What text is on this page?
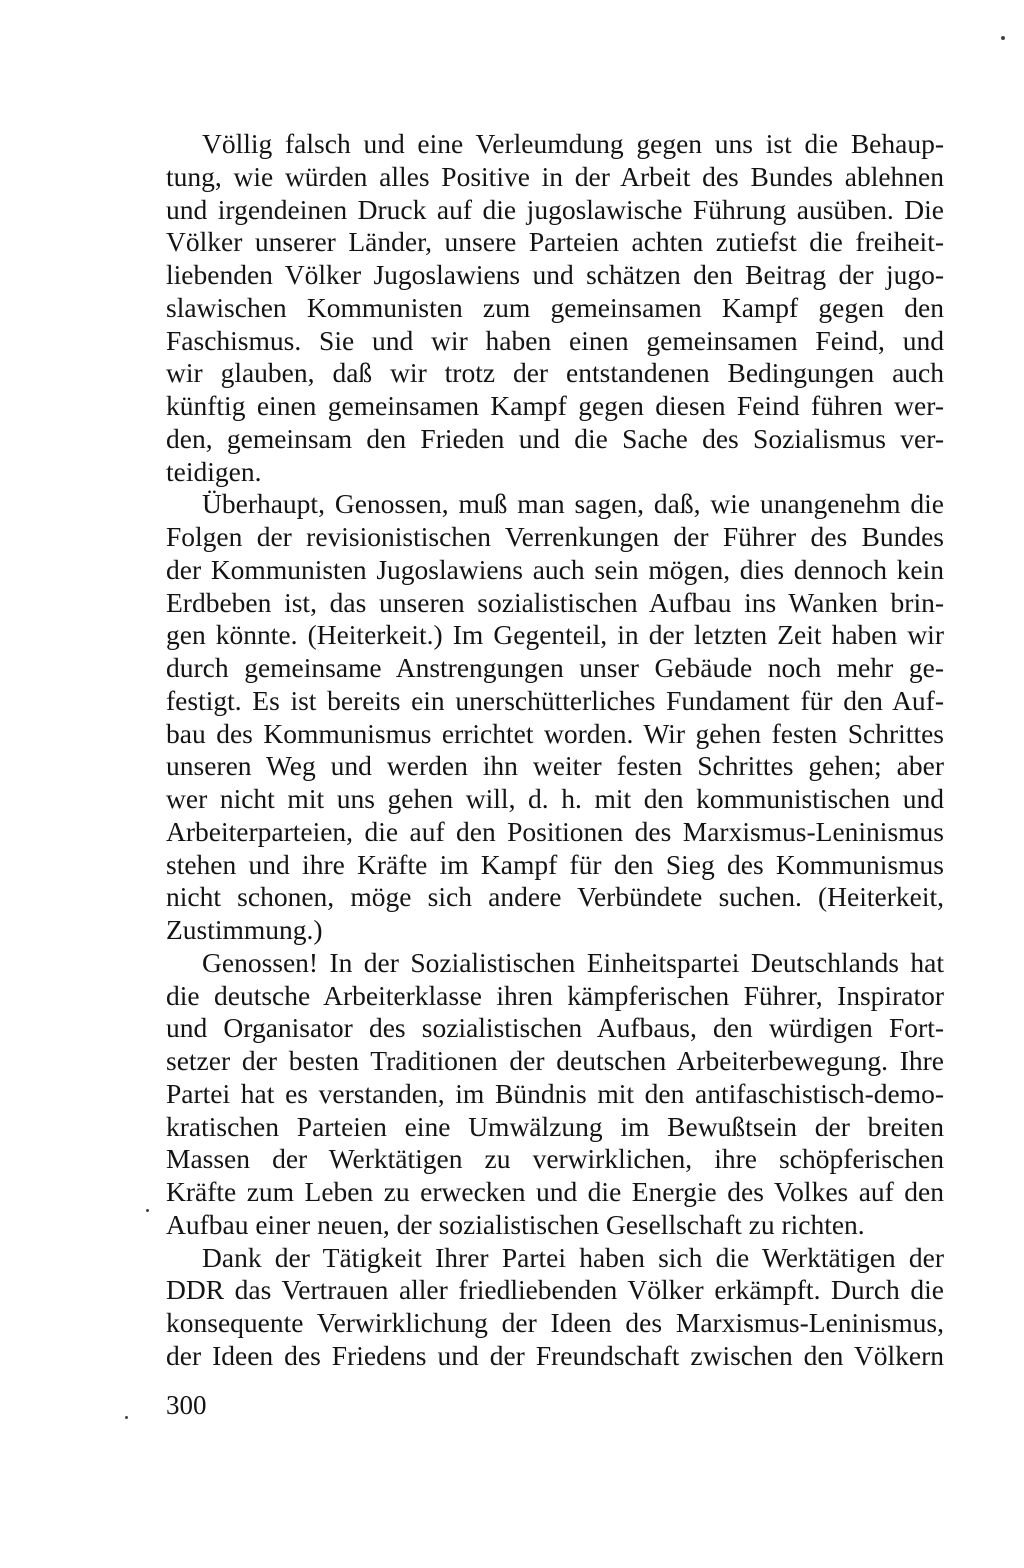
Völlig falsch und eine Verleumdung gegen uns ist die Behaup-
tung, wie würden alles Positive in der Arbeit des Bundes ablehnen
und irgendeinen Druck auf die jugoslawische Führung ausüben. Die
Völker unserer Länder, unsere Parteien achten zutiefst die freiheit-
liebenden Völker Jugoslawiens und schätzen den Beitrag der jugo-
slawischen Kommunisten zum gemeinsamen Kampf gegen den
Faschismus. Sie und wir haben einen gemeinsamen Feind, und
wir glauben, daß wir trotz der entstandenen Bedingungen auch
künftig einen gemeinsamen Kampf gegen diesen Feind führen wer-
den, gemeinsam den Frieden und die Sache des Sozialismus ver-
teidigen.
Überhaupt, Genossen, muß man sagen, daß, wie unangenehm die
Folgen der revisionistischen Verrenkungen der Führer des Bundes
der Kommunisten Jugoslawiens auch sein mögen, dies dennoch kein
Erdbeben ist, das unseren sozialistischen Aufbau ins Wanken brin-
gen könnte. (Heiterkeit.) Im Gegenteil, in der letzten Zeit haben wir
durch gemeinsame Anstrengungen unser Gebäude noch mehr ge-
festigt. Es ist bereits ein unerschütterliches Fundament für den Auf-
bau des Kommunismus errichtet worden. Wir gehen festen Schrittes
unseren Weg und werden ihn weiter festen Schrittes gehen; aber
wer nicht mit uns gehen will, d. h. mit den kommunistischen und
Arbeiterparteien, die auf den Positionen des Marxismus-Leninismus
stehen und ihre Kräfte im Kampf für den Sieg des Kommunismus
nicht schonen, möge sich andere Verbündete suchen. (Heiterkeit,
Zustimmung.)
Genossen! In der Sozialistischen Einheitspartei Deutschlands hat
die deutsche Arbeiterklasse ihren kämpferischen Führer, Inspirator
und Organisator des sozialistischen Aufbaus, den würdigen Fort-
setzer der besten Traditionen der deutschen Arbeiterbewegung. Ihre
Partei hat es verstanden, im Bündnis mit den antifaschistisch-demo-
kratischen Parteien eine Umwälzung im Bewußtsein der breiten
Massen der Werktätigen zu verwirklichen, ihre schöpferischen
Kräfte zum Leben zu erwecken und die Energie des Volkes auf den
Aufbau einer neuen, der sozialistischen Gesellschaft zu richten.
Dank der Tätigkeit Ihrer Partei haben sich die Werktätigen der
DDR das Vertrauen aller friedliebenden Völker erkämpft. Durch die
konsequente Verwirklichung der Ideen des Marxismus-Leninismus,
der Ideen des Friedens und der Freundschaft zwischen den Völkern
300
